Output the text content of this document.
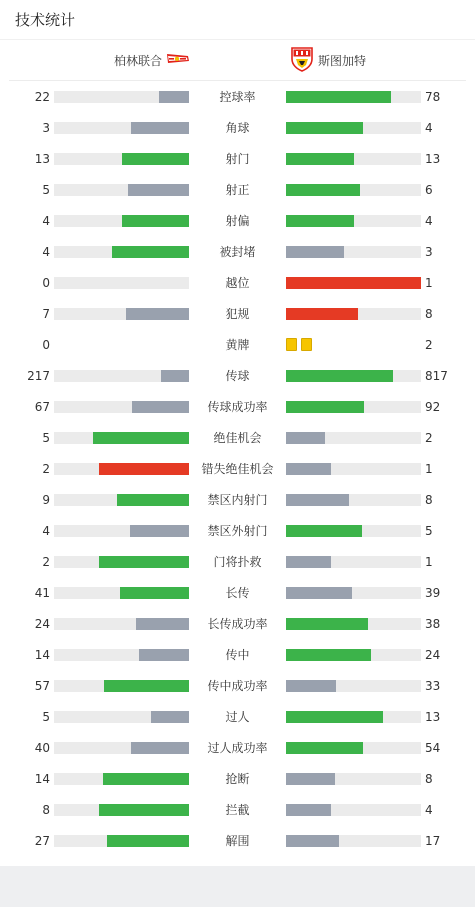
技术统计
柏林联合	斯图加特
22	控球率	78
3	角球	4
13	射门	13
5	射正	6
4	射偏	4
4	被封堵	3
0	越位	1
7	犯规	8
0	黄牌	2
217	传球	817
67	传球成功率	92
5	绝佳机会	2
2	错失绝佳机会	1
9	禁区内射门	8
4	禁区外射门	5
2	门将扑救	1
41	长传	39
24	长传成功率	38
14	传中	24
57	传中成功率	33
5	过人	13
40	过人成功率	54
14	抢断	8
8	拦截	4
27	解围	17
